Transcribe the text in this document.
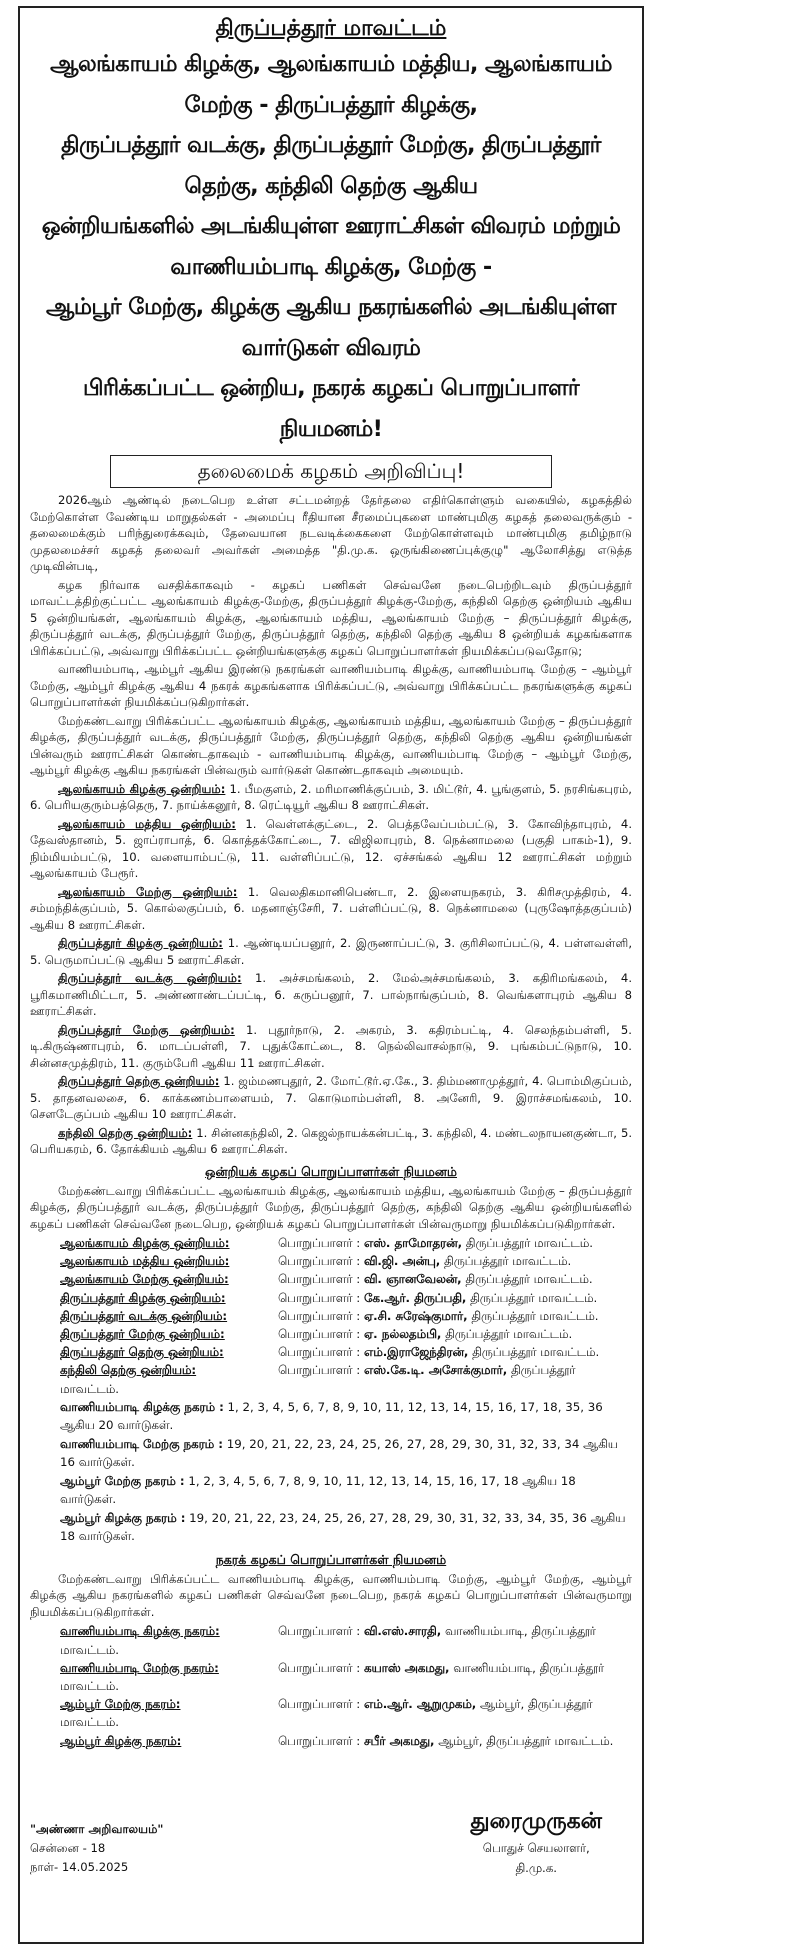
திருப்பத்தூர் மாவட்டம்

ஆலங்காயம் கிழக்கு, ஆலங்காயம் மத்திய, ஆலங்காயம் மேற்கு - திருப்பத்தூர் கிழக்கு,

திருப்பத்தூர் வடக்கு, திருப்பத்தூர் மேற்கு, திருப்பத்தூர் தெற்கு, கந்திலி தெற்கு ஆகிய

ஒன்றியங்களில் அடங்கியுள்ள ஊராட்சிகள் விவரம் மற்றும் வாணியம்பாடி கிழக்கு, மேற்கு -

ஆம்பூர் மேற்கு, கிழக்கு ஆகிய நகரங்களில் அடங்கியுள்ள வார்டுகள் விவரம்

பிரிக்கப்பட்ட ஒன்றிய, நகரக் கழகப் பொறுப்பாளர் நியமனம்!

தலைமைக் கழகம் அறிவிப்பு!

2026ஆம் ஆண்டில் நடைபெற உள்ள சட்டமன்றத் தேர்தலை எதிர்கொள்ளும் வகையில், கழகத்தில் மேற்கொள்ள வேண்டிய மாறுதல்கள் - அமைப்பு ரீதியான சீரமைப்புகளை மாண்புமிகு கழகத் தலைவருக்கும் - தலைமைக்கும் பரிந்துரைக்கவும், தேவையான நடவடிக்கைகளை மேற்கொள்ளவும் மாண்புமிகு தமிழ்நாடு முதலமைச்சர் கழகத் தலைவர் அவர்கள் அமைத்த "தி.மு.க. ஒருங்கிணைப்புக்குழு" ஆலோசித்து எடுத்த முடிவின்படி,

கழக நிர்வாக வசதிக்காகவும் - கழகப் பணிகள் செவ்வனே நடைபெற்றிடவும் திருப்பத்தூர் மாவட்டத்திற்குட்பட்ட ஆலங்காயம் கிழக்கு-மேற்கு, திருப்பத்தூர் கிழக்கு-மேற்கு, கந்திலி தெற்கு ஒன்றியம் ஆகிய 5 ஒன்றியங்கள், ஆலங்காயம் கிழக்கு, ஆலங்காயம் மத்திய, ஆலங்காயம் மேற்கு – திருப்பத்தூர் கிழக்கு, திருப்பத்தூர் வடக்கு, திருப்பத்தூர் மேற்கு, திருப்பத்தூர் தெற்கு, கந்திலி தெற்கு ஆகிய 8 ஒன்றியக் கழகங்களாக பிரிக்கப்பட்டு, அவ்வாறு பிரிக்கப்பட்ட ஒன்றியங்களுக்கு கழகப் பொறுப்பாளர்கள் நியமிக்கப்படுவதோடு;

வாணியம்பாடி, ஆம்பூர் ஆகிய இரண்டு நகரங்கள் வாணியம்பாடி கிழக்கு, வாணியம்பாடி மேற்கு – ஆம்பூர் மேற்கு, ஆம்பூர் கிழக்கு ஆகிய 4 நகரக் கழகங்களாக பிரிக்கப்பட்டு, அவ்வாறு பிரிக்கப்பட்ட நகரங்களுக்கு கழகப் பொறுப்பாளர்கள் நியமிக்கப்படுகிறார்கள்.

மேற்கண்டவாறு பிரிக்கப்பட்ட ஆலங்காயம் கிழக்கு, ஆலங்காயம் மத்திய, ஆலங்காயம் மேற்கு – திருப்பத்தூர் கிழக்கு, திருப்பத்தூர் வடக்கு, திருப்பத்தூர் மேற்கு, திருப்பத்தூர் தெற்கு, கந்திலி தெற்கு ஆகிய ஒன்றியங்கள் பின்வரும் ஊராட்சிகள் கொண்டதாகவும் - வாணியம்பாடி கிழக்கு, வாணியம்பாடி மேற்கு – ஆம்பூர் மேற்கு, ஆம்பூர் கிழக்கு ஆகிய நகரங்கள் பின்வரும் வார்டுகள் கொண்டதாகவும் அமையும்.

ஆலங்காயம் கிழக்கு ஒன்றியம்: 1. பீமகுளம், 2. மரிமாணிக்குப்பம், 3. மிட்டூர், 4. பூங்குளம், 5. நரசிங்கபுரம், 6. பெரியகுரும்பத்தெரு, 7. நாய்க்கனூர், 8. ரெட்டியூர் ஆகிய 8 ஊராட்சிகள்.

ஆலங்காயம் மத்திய ஒன்றியம்: 1. வெள்ளக்குட்டை, 2. பெத்தவேப்பம்பட்டு, 3. கோவிந்தாபுரம், 4. தேவஸ்தானம், 5. ஜாப்ராபாத், 6. கொத்தக்கோட்டை, 7. விஜிலாபுரம், 8. நெக்னாமலை (பகுதி பாகம்-1), 9. நிம்மியம்பட்டு, 10. வளையாம்பட்டு, 11. வள்ளிப்பட்டு, 12. ஏச்சங்கல் ஆகிய 12 ஊராட்சிகள் மற்றும் ஆலங்காயம் பேரூர்.

ஆலங்காயம் மேற்கு ஒன்றியம்: 1. வெலதிகமானிபெண்டா, 2. இளையநகரம், 3. கிரிசமுத்திரம், 4. சம்மந்திக்குப்பம், 5. கொல்லகுப்பம், 6. மதனாஞ்சேரி, 7. பள்ளிப்பட்டு, 8. நெக்னாமலை (புருஷோத்தகுப்பம்) ஆகிய 8 ஊராட்சிகள்.

திருப்பத்தூர் கிழக்கு ஒன்றியம்: 1. ஆண்டியப்பனூர், 2. இருணாப்பட்டு, 3. குரிசிலாப்பட்டு, 4. பள்ளவள்ளி, 5. பெருமாப்பட்டு ஆகிய 5 ஊராட்சிகள்.

திருப்பத்தூர் வடக்கு ஒன்றியம்: 1. அச்சமங்கலம், 2. மேல்அச்சமங்கலம், 3. கதிரிமங்கலம், 4. பூரிகமாணிமிட்டா, 5. அண்ணாண்டப்பட்டி, 6. கருப்பனூர், 7. பால்நாங்குப்பம், 8. வெங்களாபுரம் ஆகிய 8 ஊராட்சிகள்.

திருப்பத்தூர் மேற்கு ஒன்றியம்: 1. புதூர்நாடு, 2. அகரம், 3. கதிரம்பட்டி, 4. செலந்தம்பள்ளி, 5. டி.கிருஷ்ணாபுரம், 6. மாடப்பள்ளி, 7. புதுக்கோட்டை, 8. நெல்லிவாசல்நாடு, 9. புங்கம்பட்டுநாடு, 10. சின்னசமுத்திரம், 11. குரும்பேரி ஆகிய 11 ஊராட்சிகள்.

திருப்பத்தூர் தெற்கு ஒன்றியம்: 1. ஜம்மணபுதூர், 2. மோட்டூர்.ஏ.கே., 3. திம்மணாமுத்தூர், 4. பொம்மிகுப்பம், 5. தாதனவலசை, 6. காக்கணம்பாளையம், 7. கொடுமாம்பள்ளி, 8. அனேரி, 9. இராச்சமங்கலம், 10. சௌடேகுப்பம் ஆகிய 10 ஊராட்சிகள்.

கந்திலி தெற்கு ஒன்றியம்: 1. சின்னகந்திலி, 2. கெஜல்நாயக்கன்பட்டி, 3. கந்திலி, 4. மண்டலநாயனகுண்டா, 5. பெரியகரம், 6. தோக்கியம் ஆகிய 6 ஊராட்சிகள்.

ஒன்றியக் கழகப் பொறுப்பாளர்கள் நியமனம்

மேற்கண்டவாறு பிரிக்கப்பட்ட ஆலங்காயம் கிழக்கு, ஆலங்காயம் மத்திய, ஆலங்காயம் மேற்கு – திருப்பத்தூர் கிழக்கு, திருப்பத்தூர் வடக்கு, திருப்பத்தூர் மேற்கு, திருப்பத்தூர் தெற்கு, கந்திலி தெற்கு ஆகிய ஒன்றியங்களில் கழகப் பணிகள் செவ்வனே நடைபெற, ஒன்றியக் கழகப் பொறுப்பாளர்கள் பின்வருமாறு நியமிக்கப்படுகிறார்கள்.

ஆலங்காயம் கிழக்கு ஒன்றியம்:	பொறுப்பாளர் : எஸ். தாமோதரன், திருப்பத்தூர் மாவட்டம்.

ஆலங்காயம் மத்திய ஒன்றியம்:	பொறுப்பாளர் : வி.ஜி. அன்பு, திருப்பத்தூர் மாவட்டம்.

ஆலங்காயம் மேற்கு ஒன்றியம்:	பொறுப்பாளர் : வி. ஞானவேலன், திருப்பத்தூர் மாவட்டம்.

திருப்பத்தூர் கிழக்கு ஒன்றியம்:	பொறுப்பாளர் : கே.ஆர். திருப்பதி, திருப்பத்தூர் மாவட்டம்.

திருப்பத்தூர் வடக்கு ஒன்றியம்:	பொறுப்பாளர் : ஏ.சி. சுரேஷ்குமார், திருப்பத்தூர் மாவட்டம்.

திருப்பத்தூர் மேற்கு ஒன்றியம்:	பொறுப்பாளர் : ஏ. நல்லதம்பி, திருப்பத்தூர் மாவட்டம்.

திருப்பத்தூர் தெற்கு ஒன்றியம்:	பொறுப்பாளர் : எம்.இராஜேந்திரன், திருப்பத்தூர் மாவட்டம்.

கந்திலி தெற்கு ஒன்றியம்:	பொறுப்பாளர் : எஸ்.கே.டி. அசோக்குமார், திருப்பத்தூர் மாவட்டம்.

வாணியம்பாடி கிழக்கு நகரம் : 1, 2, 3, 4, 5, 6, 7, 8, 9, 10, 11, 12, 13, 14, 15, 16, 17, 18, 35, 36 ஆகிய 20 வார்டுகள்.

வாணியம்பாடி மேற்கு நகரம் : 19, 20, 21, 22, 23, 24, 25, 26, 27, 28, 29, 30, 31, 32, 33, 34 ஆகிய 16 வார்டுகள்.

ஆம்பூர் மேற்கு நகரம் : 1, 2, 3, 4, 5, 6, 7, 8, 9, 10, 11, 12, 13, 14, 15, 16, 17, 18 ஆகிய 18 வார்டுகள்.

ஆம்பூர் கிழக்கு நகரம் : 19, 20, 21, 22, 23, 24, 25, 26, 27, 28, 29, 30, 31, 32, 33, 34, 35, 36 ஆகிய 18 வார்டுகள்.

நகரக் கழகப் பொறுப்பாளர்கள் நியமனம்

மேற்கண்டவாறு பிரிக்கப்பட்ட வாணியம்பாடி கிழக்கு, வாணியம்பாடி மேற்கு, ஆம்பூர் மேற்கு, ஆம்பூர் கிழக்கு ஆகிய நகரங்களில் கழகப் பணிகள் செவ்வனே நடைபெற, நகரக் கழகப் பொறுப்பாளர்கள் பின்வருமாறு நியமிக்கப்படுகிறார்கள்.

வாணியம்பாடி கிழக்கு நகரம்:	பொறுப்பாளர் : வி.எஸ்.சாரதி, வாணியம்பாடி, திருப்பத்தூர் மாவட்டம்.

வாணியம்பாடி மேற்கு நகரம்:	பொறுப்பாளர் : கயாஸ் அகமது, வாணியம்பாடி, திருப்பத்தூர் மாவட்டம்.

ஆம்பூர் மேற்கு நகரம்:	பொறுப்பாளர் : எம்.ஆர். ஆறுமுகம், ஆம்பூர், திருப்பத்தூர் மாவட்டம்.

ஆம்பூர் கிழக்கு நகரம்:	பொறுப்பாளர் : சபீர் அகமது, ஆம்பூர், திருப்பத்தூர் மாவட்டம்.

"அண்ணா அறிவாலயம்"
சென்னை - 18
நாள்- 14.05.2025
துரைமுருகன்
பொதுச் செயலாளர்,
தி.மு.க.
